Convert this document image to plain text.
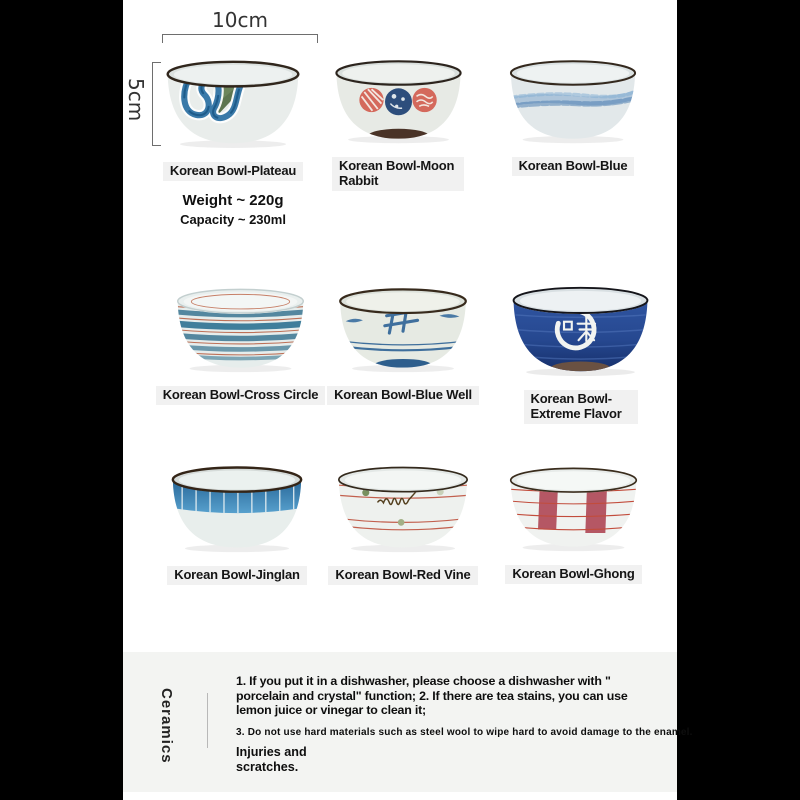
10cm
5cm
Korean Bowl-Plateau	Korean Bowl-Moon Rabbit
Korean Bowl-Blue
Weight ~ 220g
Capacity ~ 230ml
Korean Bowl-Cross Circle	Korean Bowl-Blue Well	Korean Bowl-Extreme Flavor
Korean Bowl-Jinglan	Korean Bowl-Red Vine	Korean Bowl-Ghong
Ceramics

1. If you put it in a dishwasher, please choose a dishwasher with " porcelain and crystal" function; 2. If there are tea stains, you can use lemon juice or vinegar to clean it;

3. Do not use hard materials such as steel wool to wipe hard to avoid damage to the enamel.

Injuries and scratches.
